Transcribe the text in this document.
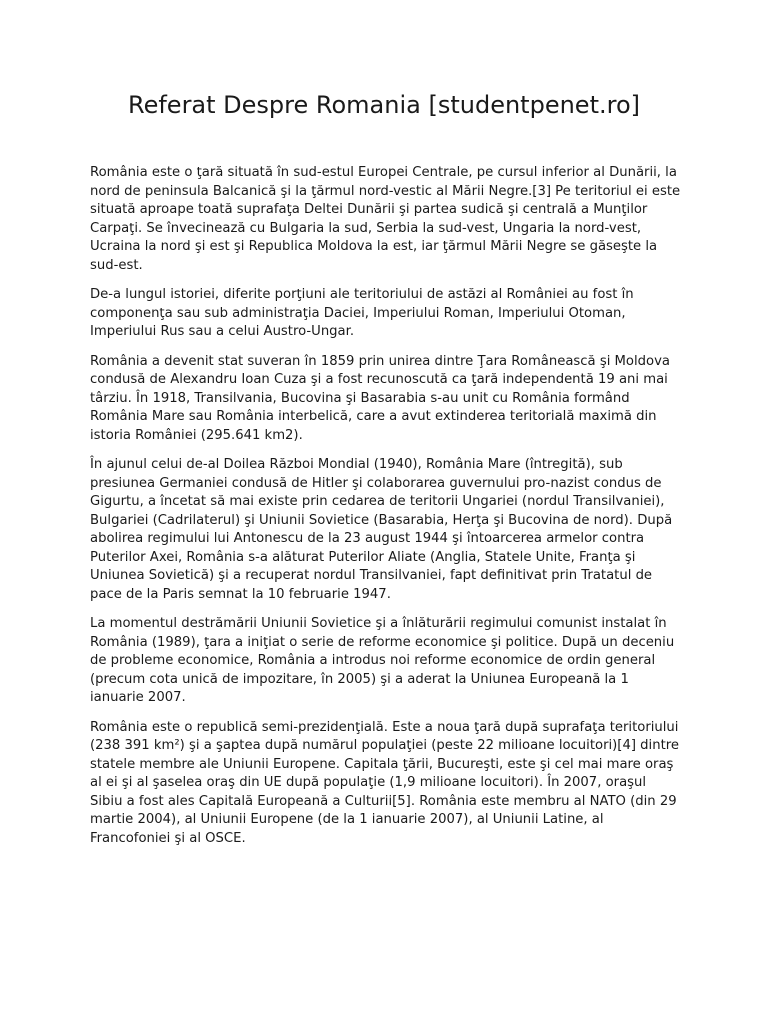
Referat Despre Romania [studentpenet.ro]

România este o ţară situată în sud-estul Europei Centrale, pe cursul inferior al Dunării, la nord de peninsula Balcanică şi la ţărmul nord-vestic al Mării Negre.[3] Pe teritoriul ei este situată aproape toată suprafaţa Deltei Dunării şi partea sudică şi centrală a Munţilor Carpaţi. Se învecinează cu Bulgaria la sud, Serbia la sud-vest, Ungaria la nord-vest, Ucraina la nord şi est şi Republica Moldova la est, iar ţărmul Mării Negre se găseşte la sud-est.

De-a lungul istoriei, diferite porţiuni ale teritoriului de astăzi al României au fost în componenţa sau sub administraţia Daciei, Imperiului Roman, Imperiului Otoman, Imperiului Rus sau a celui Austro-Ungar.

România a devenit stat suveran în 1859 prin unirea dintre Ţara Românească şi Moldova condusă de Alexandru Ioan Cuza şi a fost recunoscută ca ţară independentă 19 ani mai târziu. În 1918, Transilvania, Bucovina şi Basarabia s-au unit cu România formând România Mare sau România interbelică, care a avut extinderea teritorială maximă din istoria României (295.641 km2).

În ajunul celui de-al Doilea Război Mondial (1940), România Mare (întregită), sub presiunea Germaniei condusă de Hitler şi colaborarea guvernului pro-nazist condus de Gigurtu, a încetat să mai existe prin cedarea de teritorii Ungariei (nordul Transilvaniei), Bulgariei (Cadrilaterul) şi Uniunii Sovietice (Basarabia, Herţa şi Bucovina de nord). După abolirea regimului lui Antonescu de la 23 august 1944 şi întoarcerea armelor contra Puterilor Axei, România s-a alăturat Puterilor Aliate (Anglia, Statele Unite, Franţa şi Uniunea Sovietică) şi a recuperat nordul Transilvaniei, fapt definitivat prin Tratatul de pace de la Paris semnat la 10 februarie 1947.

La momentul destrămării Uniunii Sovietice şi a înlăturării regimului comunist instalat în România (1989), ţara a iniţiat o serie de reforme economice şi politice. După un deceniu de probleme economice, România a introdus noi reforme economice de ordin general (precum cota unică de impozitare, în 2005) şi a aderat la Uniunea Europeană la 1 ianuarie 2007.

România este o republică semi-prezidenţială. Este a noua ţară după suprafaţa teritoriului (238 391 km²) şi a şaptea după numărul populaţiei (peste 22 milioane locuitori)[4] dintre statele membre ale Uniunii Europene. Capitala ţării, Bucureşti, este şi cel mai mare oraş al ei şi al şaselea oraş din UE după populaţie (1,9 milioane locuitori). În 2007, oraşul Sibiu a fost ales Capitală Europeană a Culturii[5]. România este membru al NATO (din 29 martie 2004), al Uniunii Europene (de la 1 ianuarie 2007), al Uniunii Latine, al Francofoniei şi al OSCE.
